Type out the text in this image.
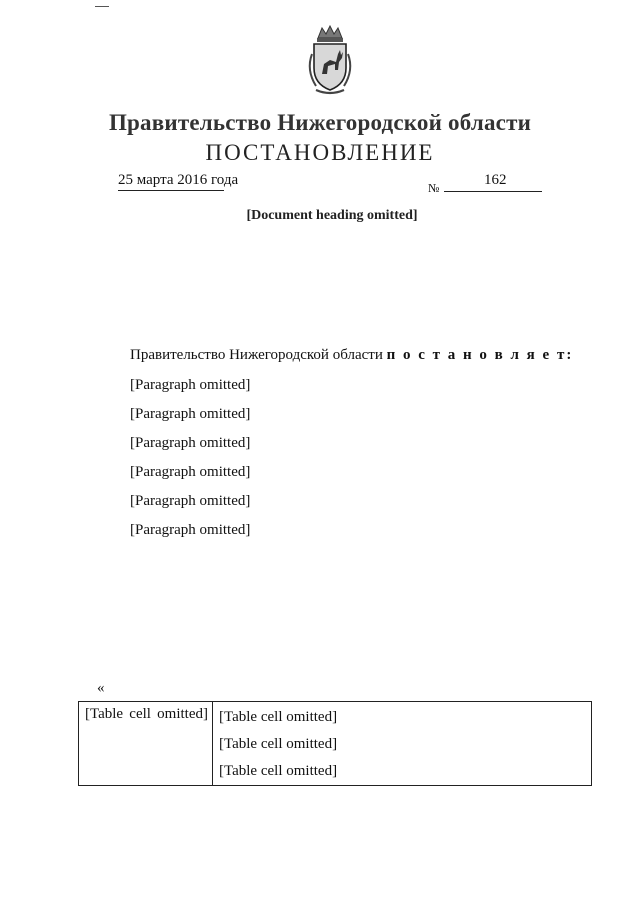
Правительство Нижегородской области
ПОСТАНОВЛЕНИЕ
25 марта 2016 года	№	162
[Document heading omitted]
Правительство Нижегородской области п о с т а н о в л я е т:
[Paragraph omitted]
[Paragraph omitted]
[Paragraph omitted]
[Paragraph omitted]
[Paragraph omitted]
[Paragraph omitted]
«
[Table cell omitted]	[Table cell omitted]
[Table cell omitted]
[Table cell omitted]
